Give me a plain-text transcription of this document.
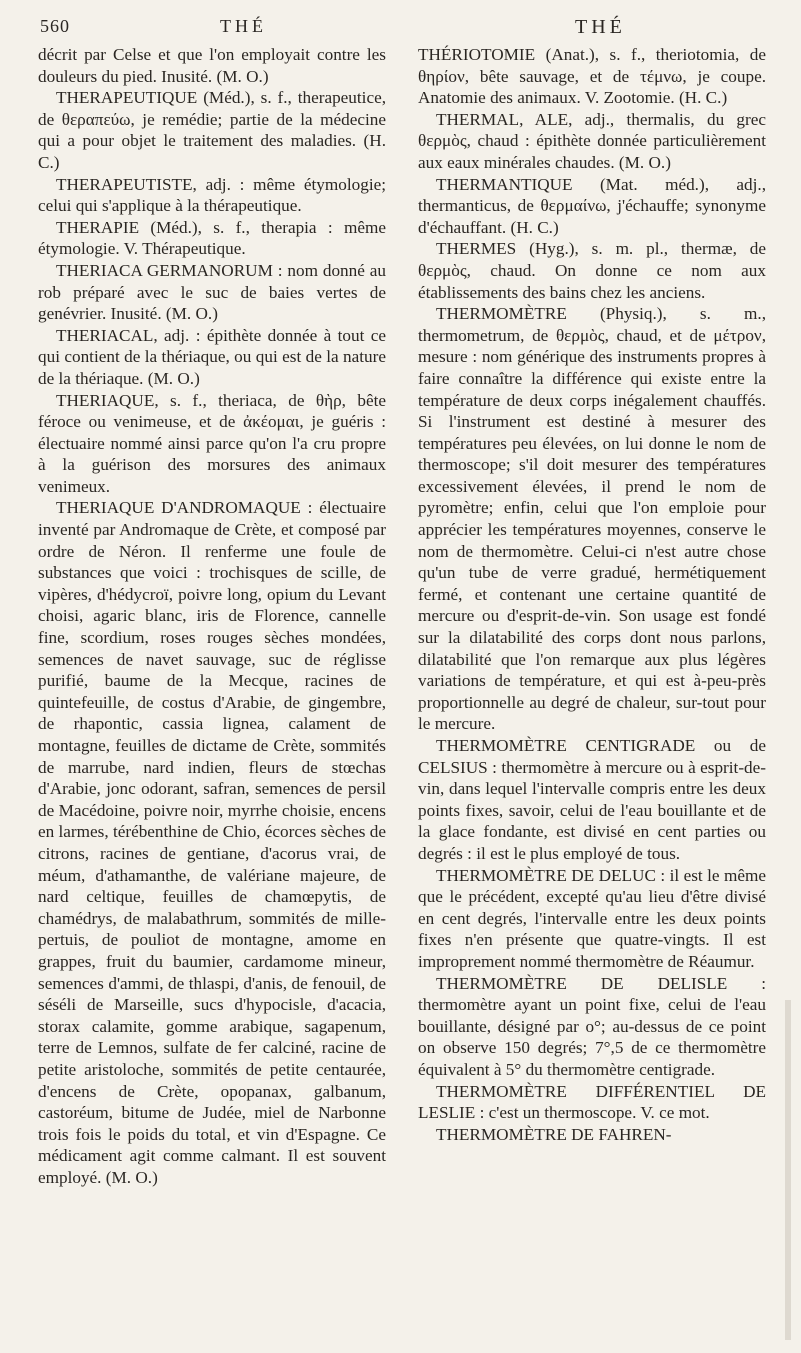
560	THÉ	THÉ

décrit par Celse et que l'on employait contre les douleurs du pied. Inusité. (M. O.)

THERAPEUTIQUE (Méd.), s. f., therapeutice, de θεραπεύω, je remédie; partie de la médecine qui a pour objet le traitement des maladies. (H. C.)

THERAPEUTISTE, adj. : même étymologie; celui qui s'applique à la thérapeutique.

THERAPIE (Méd.), s. f., therapia : même étymologie. V. Thérapeutique.

THERIACA GERMANORUM : nom donné au rob préparé avec le suc de baies vertes de genévrier. Inusité. (M. O.)

THERIACAL, adj. : épithète donnée à tout ce qui contient de la thériaque, ou qui est de la nature de la thériaque. (M. O.)

THERIAQUE, s. f., theriaca, de θὴρ, bête féroce ou venimeuse, et de ἀκέομαι, je guéris : électuaire nommé ainsi parce qu'on l'a cru propre à la guérison des morsures des animaux venimeux.

THERIAQUE D'ANDROMAQUE : électuaire inventé par Andromaque de Crète, et composé par ordre de Néron. Il renferme une foule de substances que voici : trochisques de scille, de vipères, d'hédycroï, poivre long, opium du Levant choisi, agaric blanc, iris de Florence, cannelle fine, scordium, roses rouges sèches mondées, semences de navet sauvage, suc de réglisse purifié, baume de la Mecque, racines de quintefeuille, de costus d'Arabie, de gingembre, de rhapontic, cassia lignea, calament de montagne, feuilles de dictame de Crète, sommités de marrube, nard indien, fleurs de stœchas d'Arabie, jonc odorant, safran, semences de persil de Macédoine, poivre noir, myrrhe choisie, encens en larmes, térébenthine de Chio, écorces sèches de citrons, racines de gentiane, d'acorus vrai, de méum, d'athamanthe, de valériane majeure, de nard celtique, feuilles de chamœpytis, de chamédrys, de malabathrum, sommités de mille-pertuis, de pouliot de montagne, amome en grappes, fruit du baumier, cardamome mineur, semences d'ammi, de thlaspi, d'anis, de fenouil, de séséli de Marseille, sucs d'hypocisle, d'acacia, storax calamite, gomme arabique, sagapenum, terre de Lemnos, sulfate de fer calciné, racine de petite aristoloche, sommités de petite centaurée, d'encens de Crète, opopanax, galbanum, castoréum, bitume de Judée, miel de Narbonne trois fois le poids du total, et vin d'Espagne. Ce médicament agit comme calmant. Il est souvent employé. (M. O.)

THÉRIOTOMIE (Anat.), s. f., theriotomia, de θηρίον, bête sauvage, et de τέμνω, je coupe. Anatomie des animaux. V. Zootomie. (H. C.)

THERMAL, ALE, adj., thermalis, du grec θερμὸς, chaud : épithète donnée particulièrement aux eaux minérales chaudes. (M. O.)

THERMANTIQUE (Mat. méd.), adj., thermanticus, de θερμαίνω, j'échauffe; synonyme d'échauffant. (H. C.)

THERMES (Hyg.), s. m. pl., thermæ, de θερμὸς, chaud. On donne ce nom aux établissements des bains chez les anciens.

THERMOMÈTRE (Physiq.), s. m., thermometrum, de θερμὸς, chaud, et de μέτρον, mesure : nom générique des instruments propres à faire connaître la différence qui existe entre la température de deux corps inégalement chauffés. Si l'instrument est destiné à mesurer des températures peu élevées, on lui donne le nom de thermoscope; s'il doit mesurer des températures excessivement élevées, il prend le nom de pyromètre; enfin, celui que l'on emploie pour apprécier les températures moyennes, conserve le nom de thermomètre. Celui-ci n'est autre chose qu'un tube de verre gradué, hermétiquement fermé, et contenant une certaine quantité de mercure ou d'esprit-de-vin. Son usage est fondé sur la dilatabilité des corps dont nous parlons, dilatabilité que l'on remarque aux plus légères variations de température, et qui est à-peu-près proportionnelle au degré de chaleur, sur-tout pour le mercure.

THERMOMÈTRE CENTIGRADE ou de CELSIUS : thermomètre à mercure ou à esprit-de-vin, dans lequel l'intervalle compris entre les deux points fixes, savoir, celui de l'eau bouillante et de la glace fondante, est divisé en cent parties ou degrés : il est le plus employé de tous.

THERMOMÈTRE DE DELUC : il est le même que le précédent, excepté qu'au lieu d'être divisé en cent degrés, l'intervalle entre les deux points fixes n'en présente que quatre-vingts. Il est improprement nommé thermomètre de Réaumur.

THERMOMÈTRE DE DELISLE : thermomètre ayant un point fixe, celui de l'eau bouillante, désigné par o°; au-dessus de ce point on observe 150 degrés; 7°,5 de ce thermomètre équivalent à 5° du thermomètre centigrade.

THERMOMÈTRE DIFFÉRENTIEL DE LESLIE : c'est un thermoscope. V. ce mot.

THERMOMÈTRE DE FAHREN-
